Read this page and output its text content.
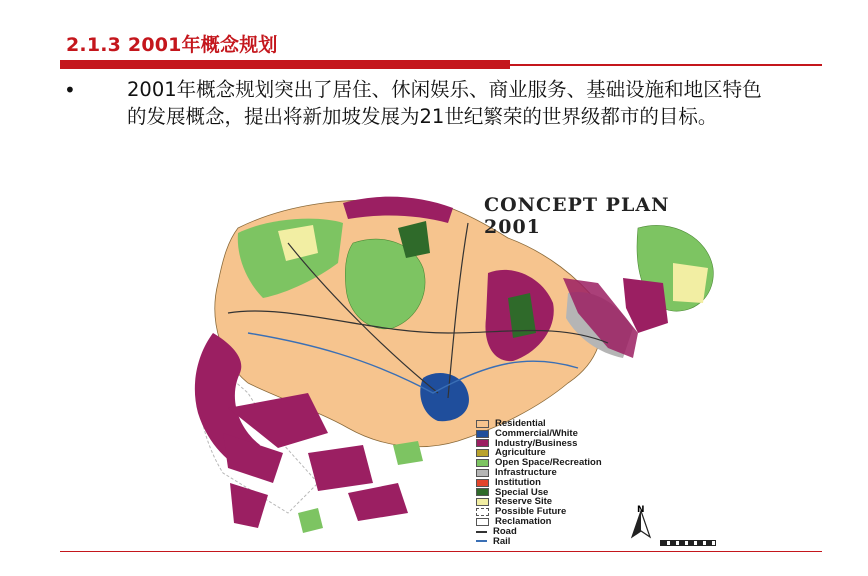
2.1.3 2001年概念规划
•	2001年概念规划突出了居住、休闲娱乐、商业服务、基础设施和地区特色的发展概念，提出将新加坡发展为21世纪繁荣的世界级都市的目标。

CONCEPT PLAN 2001
Residential
Commercial/White
Industry/Business
Agriculture
Open Space/Recreation
Infrastructure
Institution
Special Use
Reserve Site
Possible Future
Reclamation
Road
Rail
N
